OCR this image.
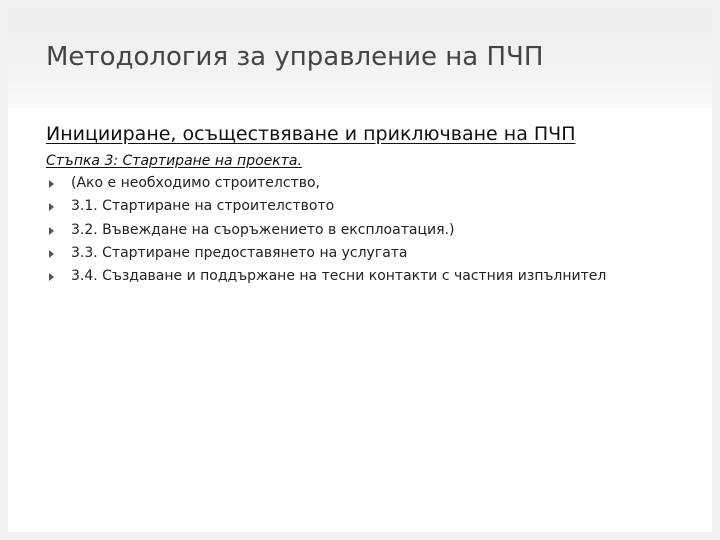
Методология за управление на ПЧП
Иницииране, осъществяване и приключване на ПЧП
Стъпка 3: Стартиране на проекта.
(Ако е необходимо строителство,
3.1. Стартиране на строителството
3.2. Въвеждане на съоръжението в експлоатация.)
3.3. Стартиране предоставянето на услугата
3.4. Създаване и поддържане на тесни контакти с частния изпълнител
